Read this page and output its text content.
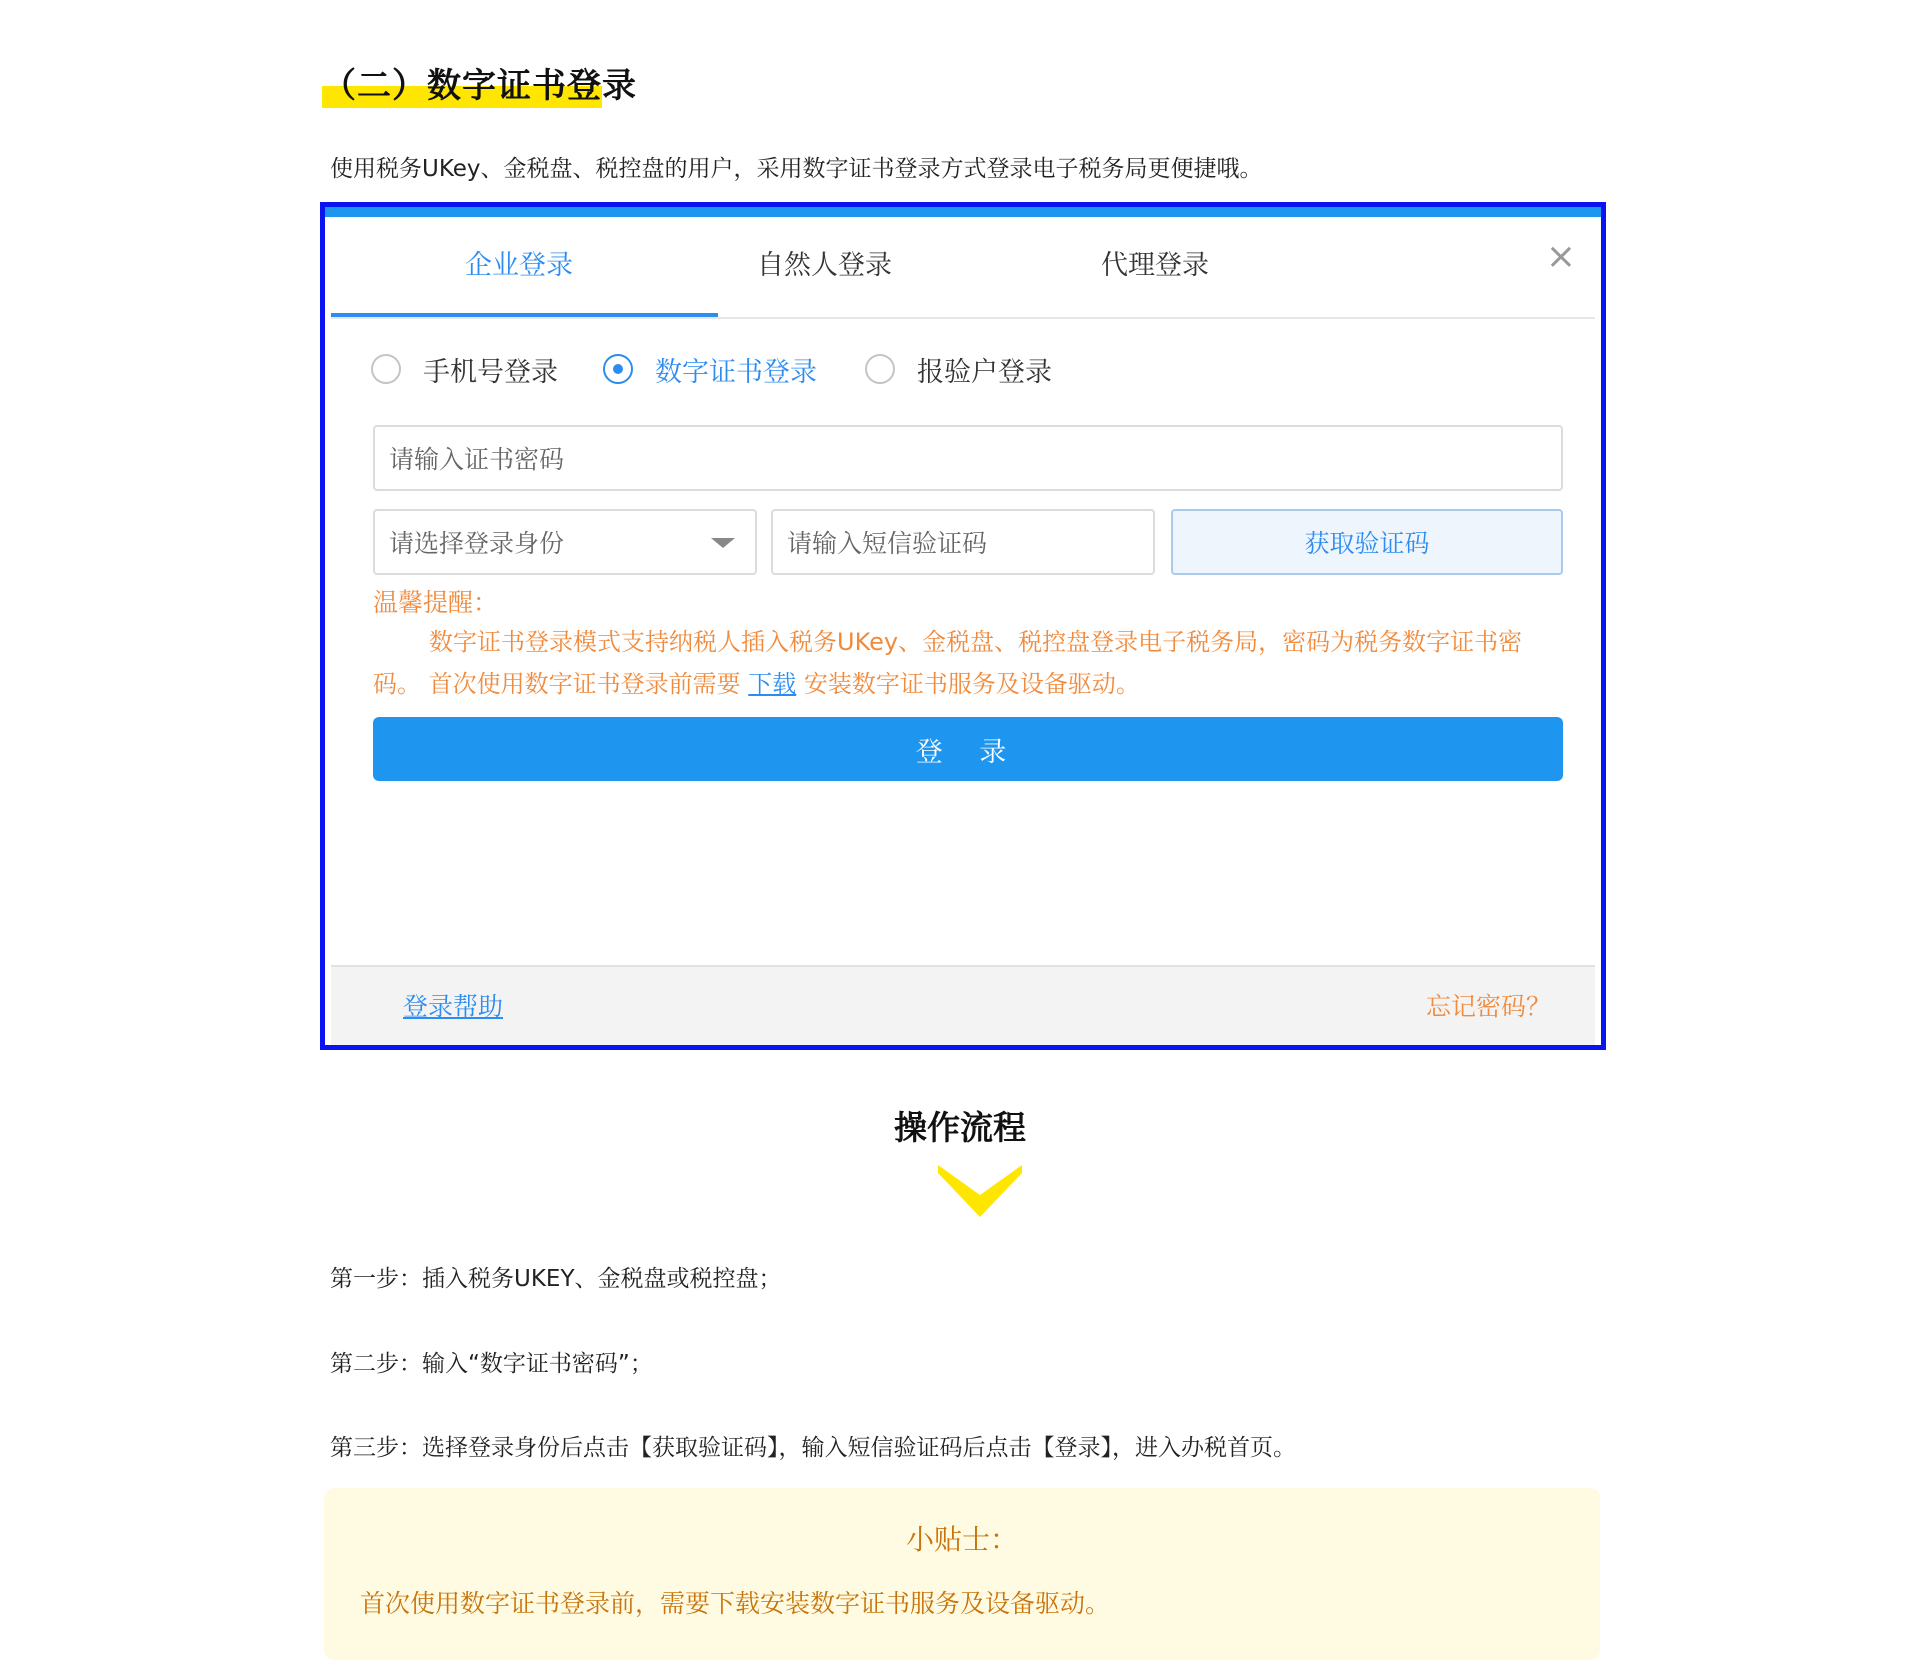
（二）数字证书登录

使用税务UKey、金税盘、税控盘的用户，采用数字证书登录方式登录电子税务局更便捷哦。

企业登录	自然人登录	代理登录	×
手机号登录	数字证书登录	报验户登录
请输入证书密码
请选择登录身份	请输入短信验证码	获取验证码
温馨提醒：
数字证书登录模式支持纳税人插入税务UKey、金税盘、税控盘登录电子税务局，密码为税务数字证书密码。 首次使用数字证书登录前需要 下载 安装数字证书服务及设备驱动。
登 录
登录帮助	忘记密码？

操作流程

第一步：插入税务UKEY、金税盘或税控盘；

第二步：输入“数字证书密码”；

第三步：选择登录身份后点击【获取验证码】，输入短信验证码后点击【登录】，进入办税首页。

小贴士：
首次使用数字证书登录前，需要下载安装数字证书服务及设备驱动。
